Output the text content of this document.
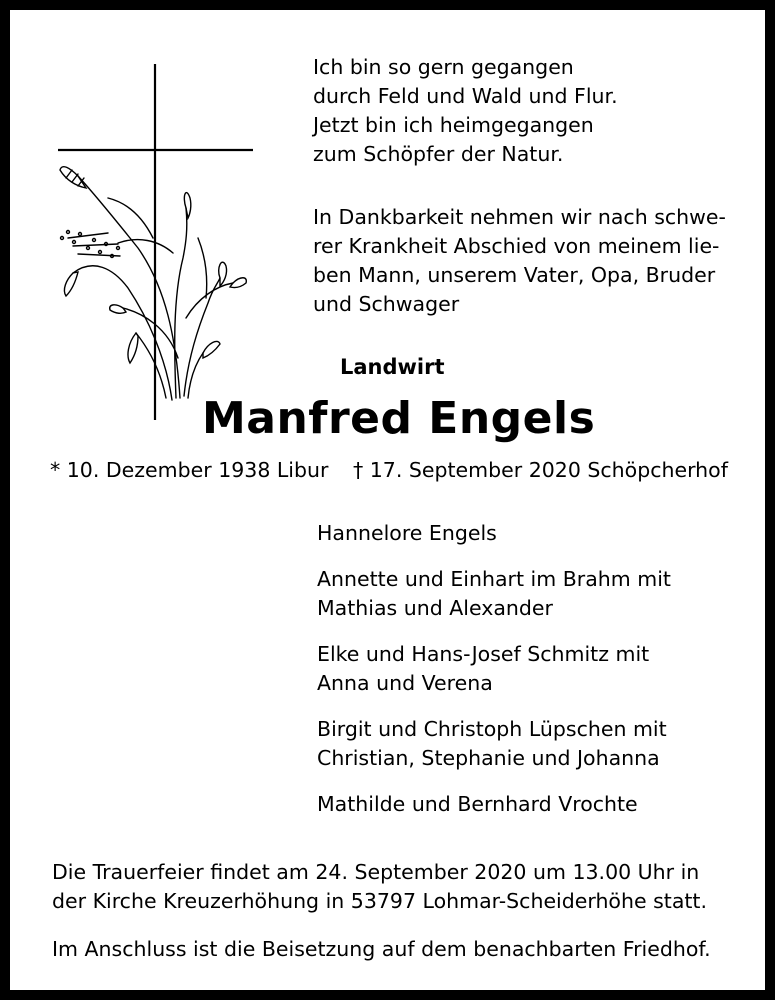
Ich bin so gern gegangen
durch Feld und Wald und Flur.
Jetzt bin ich heimgegangen
zum Schöpfer der Natur.

In Dankbarkeit nehmen wir nach schwe-
rer Krankheit Abschied von meinem lie-
ben Mann, unserem Vater, Opa, Bruder
und Schwager

Landwirt

Manfred Engels

* 10. Dezember 1938 Libur † 17. September 2020 Schöpcherhof

Hannelore Engels
Annette und Einhart im Brahm mit
Mathias und Alexander
Elke und Hans-Josef Schmitz mit
Anna und Verena
Birgit und Christoph Lüpschen mit
Christian, Stephanie und Johanna
Mathilde und Bernhard Vrochte

Die Trauerfeier findet am 24. September 2020 um 13.00 Uhr in
der Kirche Kreuzerhöhung in 53797 Lohmar-Scheiderhöhe statt.

Im Anschluss ist die Beisetzung auf dem benachbarten Friedhof.
